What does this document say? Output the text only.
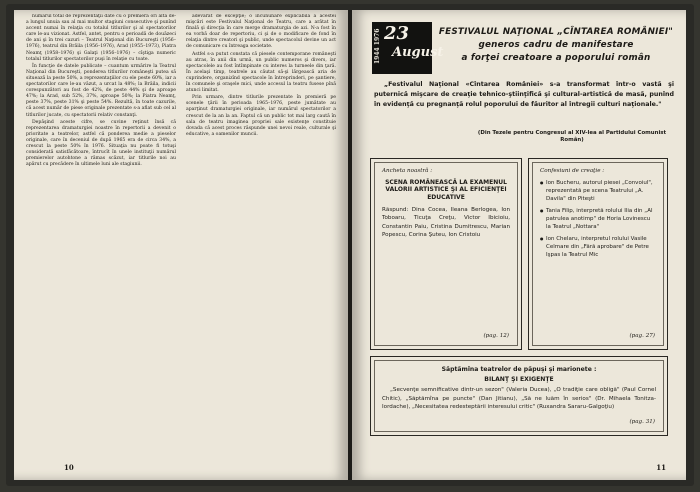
numărul total de reprezentaţii date cu o premieră ori alta de-a lungul unuia sau al mai multor stagiuni consecutive şi punînd accent numai în relaţia cu totalul titlurilor şi al spectatorilor care le-au vizionat. Astfel, antet, pentru o perioadă de douăzeci de ani şi în trei cazuri – Teatrul Naţional din Bucureşti (1956–1976), teatrul din Brăila (1956–1976), Arad (1955–1973), Piatra Neamţ (1958–1976) şi Galaţi (1956–1976) – cîştiga numeric totalul titlurilor spectatorilor puşi în relaţie cu toate.

În funcţie de datele publicate – cuantum urmărire la Teatrul Naţional din Bucureşti, ponderea titlurilor româneşti putea să situează la peste 50%, a reprezentaţiilor cu ele peste 60%, iar a spectatorilor care le-au văzut, a urcat la 48%; la Brăila, indicii corespunzători au fost de 42%, de peste 44% şi de aproape 47%; la Arad, sub 52%, 37%, aproape 50%; la Piatra Neamţ, peste 37%, peste 31% şi peste 54%. Rezultă, în toate cazurile, că acest număr de piese originale prezentate s-a aflat sub cel al titlurilor jucate, cu spectatorii relativ constanţi.

Depăşind aceste cifre, se cuvine reţinut însă că reprezentarea dramaturgiei noastre în repertorii a devenit o prioritate a teatrelor, astfel că ponderea medie a pieselor originale, care în deceniul de după 1965 era de circa 34%, a crescut la peste 50% în 1976. Situaţia nu poate fi totuşi considerată satisfăcătoare, întrucît în unele instituţii numărul premierelor autohtone a rămas scăzut, iar titlurile noi au apărut cu precădere în ultimele luni ale stagiunii.

adevărat de excepţie; o încununare explicabilă a acestei mişcări este Festivalul Naţional de Teatru, care a arătat în finală şi direcţia în care merge dramaturgia de azi. N-a fost în ea vorbă doar de repertoriu, ci şi de o modificare de fond în relaţia dintre creatori şi public, unde spectacolul devine un act de comunicare cu întreaga societate.

Astfel s-a putut constata că piesele contemporane româneşti au atras, în anii din urmă, un public numeros şi divers, iar spectacolele au fost întîmpinate cu interes la turneele din ţară. În acelaşi timp, teatrele au căutat să-şi lărgească aria de cuprindere, organizînd spectacole în întreprinderi, pe şantiere, în comunele şi oraşele mici, unde accesul la teatru fusese pînă atunci limitat.

Prin urmare, dintre titlurile prezentate în premieră pe scenele ţării în perioada 1965–1976, peste jumătate au aparţinut dramaturgiei originale, iar numărul spectatorilor a crescut de la an la an. Faptul că un public tot mai larg caută în sala de teatru imaginea propriei sale existenţe constituie dovada că acest proces răspunde unei nevoi reale, culturale şi educative, a oamenilor muncii.

10
1944 1976 23
August
FESTIVALUL NAŢIONAL „CÎNTAREA ROMÂNIEI"
generos cadru de manifestare
a forţei creatoare a poporului român
„Festivalul Naţional «Cîntarea României» s-a transformat într-o vastă şi puternică mişcare de creaţie tehnico-ştiinţifică şi cultural-artistică de masă, punînd în evidenţă cu pregnanţă rolul poporului de făuritor al întregii culturi naţionale."
(Din Tezele pentru Congresul al XIV-lea al Partidului Comunist Român)
Ancheta noastră :
SCENA ROMÂNEASCĂ LA EXAMENUL VALORII ARTISTICE ŞI AL EFICIENŢEI EDUCATIVE
Răspund: Dina Cocea, Ileana Berlogea, Ion Toboaru, Ticuţa Creţu, Victor Ibicioiu, Constantin Paiu, Cristina Dumitrescu, Marian Popescu, Corina Şuteu, Ion Cristoiu
(pag. 12)
Confesiuni de creaţie :
● Ion Bucheru, autorul piesei „Convoiul", reprezentată pe scena Teatrului „A. Davila" din Piteşti
● Tania Filip, interpretă rolului Ilia din „Al patrulea anotimp" de Horia Lovinescu la Teatrul „Nottara"
● Ion Chelaru, interpretul rolului Vasile Celmare din „Fără aprobare" de Petre Işpas la Teatrul Mic
(pag. 27)
Săptămîna teatrelor de păpuşi şi marionete :
BILANŢ ŞI EXIGENŢE
„Secvenţe semnificative dintr-un sezon" (Valeria Ducea), „O tradiţie care obligă" (Paul Cornel Chitic), „Săptămîna pe puncte" (Dan Jitianu), „Să ne luăm în serios" (Dr. Mihaela Tonitza-Iordache), „Necesitatea redesteptării interesului critic" (Ruxandra Sararu-Galgoţiu)
(pag. 31)
11
